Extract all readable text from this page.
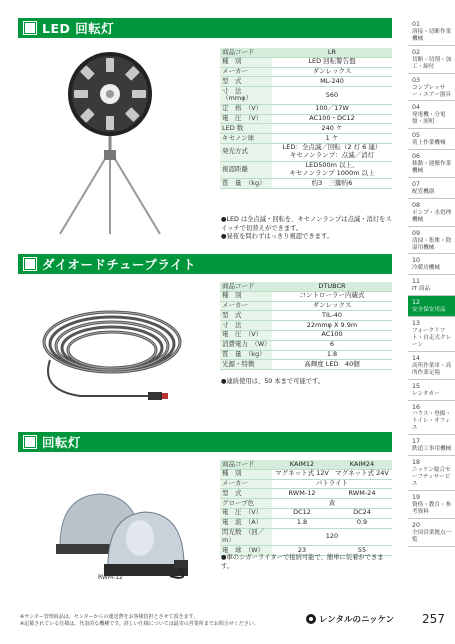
LED 回転灯
商品コード	LR
種　別	LED 回転警告盤
メーカー	ダンレックス
型　式	ML-240
寸　法　（mmφ）	560
定　格　（V）	100／17W
電　圧　（V）	AC100・DC12
LED 数	240 ケ
キセノン球	1 ケ
発光方式	LED：全点滅／回転（2 灯 6 連）
キセノンランプ：点滅／消灯
視認距離	LED500m 以上、
キセノンランプ 1000m 以上
質　量　（kg）	約3　三脚約6
●LED は全点滅・回転を、キセノンランプは点滅・消灯をスイッチで切替えができます。
●昼夜を問わずはっきり視認できます。
ダイオードチューブライト
商品コード	DTUBCR
種　別	コントローラー内蔵式
メーカー	ダンレックス
型　式	TIL-40
寸　法	22mmφ X 9.9m
電　圧　（V）	AC100
消費電力　（W）	6
質　量　（kg）	1.8
光源・特徴	高輝度 LED　40個
●連続使用は、50 本まで可能です。
回転灯
RWM-12
商品コード	KAIM12	KAIM24
種　別	マグネット式 12V	マグネット式 24V
メーカー	パトライト	
型　式	RWM-12	RWM-24
グローブ色	黄	
電　圧　（V）	DC12	DC24
電　流　（A）	1.8	0.9
閃光数　（回／m）	120	
電　球　（W）	23	55
●車のシガーライターで接続可能で、簡単に装着ができます。
01
溶接・切断作業機械
02
切断・切削・加工・締付
03
コンプレッサー・エアー器具
04
発電機・分電盤・照明
05
荷上作業機械
06
移動・運搬作業機械
07
配管機器
08
ポンプ・水処理機械
09
清掃・集塵・除湿用機械
10
冷暖房機械
11
IT 商品
12
安全保安用品
13
フォークリフト・自走式クレーン
14
高所作業車・高所作業足場
15
レンタカー
16
ハウス・登揚・トイレ・オフィス
17
鉄道工事用機械
18
ニッケン総合セーフティサービス
19
資格・教育・参考資料
20
全国営業拠点一覧
※サンター管理商品は、センターからの運送費をお客様負担とさせて頂きます。
※記載されている仕様は、代表的な機種です。詳しい仕様については最寄の営業所までお問合せください。	レンタルのニッケン 257
